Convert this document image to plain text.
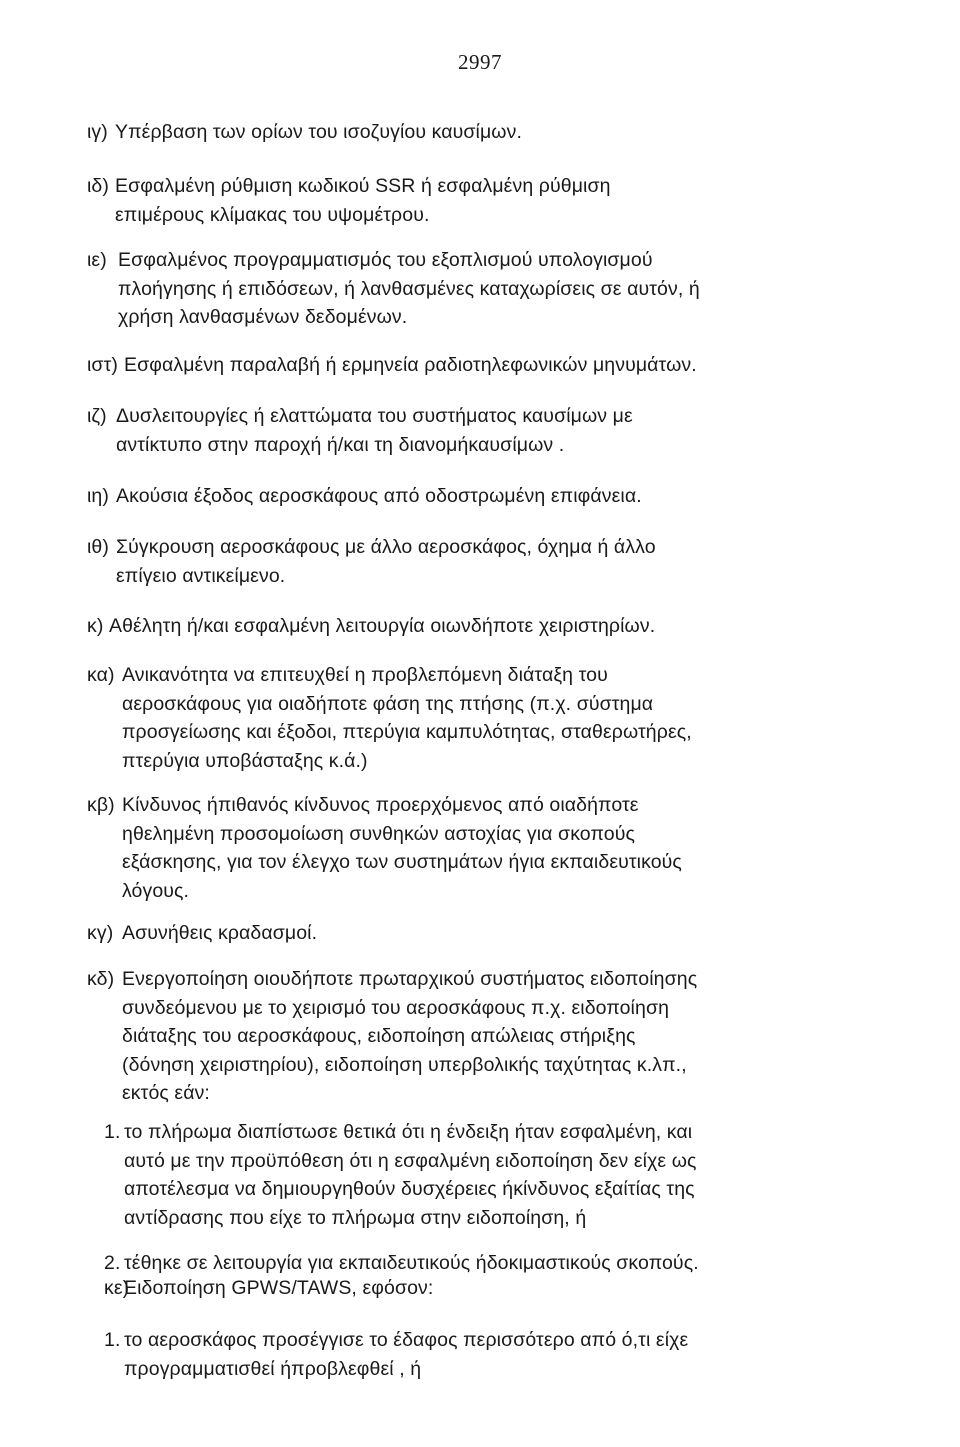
2997
ιγ) Υπέρβαση των ορίων του ισοζυγίου καυσίμων.
ιδ) Εσφαλμένη ρύθμιση κωδικού SSR ή εσφαλμένη ρύθμιση
επιμέρους κλίμακας του υψομέτρου.
ιε) Εσφαλμένος προγραμματισμός του εξοπλισμού υπολογισμού
πλοήγησης ή επιδόσεων, ή λανθασμένες καταχωρίσεις σε αυτόν, ή
χρήση λανθασμένων δεδομένων.
ιστ) Εσφαλμένη παραλαβή ή ερμηνεία ραδιοτηλεφωνικών μηνυμάτων.
ιζ) Δυσλειτουργίες ή ελαττώματα του συστήματος καυσίμων με
αντίκτυπο στην παροχή ή/και τη διανομήκαυσίμων .
ιη) Ακούσια έξοδος αεροσκάφους από οδοστρωμένη επιφάνεια.
ιθ) Σύγκρουση αεροσκάφους με άλλο αεροσκάφος, όχημα ή άλλο
επίγειο αντικείμενο.
κ) Αθέλητη ή/και εσφαλμένη λειτουργία οιωνδήποτε χειριστηρίων.
κα) Ανικανότητα να επιτευχθεί η προβλεπόμενη διάταξη του
αεροσκάφους για οιαδήποτε φάση της πτήσης (π.χ. σύστημα
προσγείωσης και έξοδοι, πτερύγια καμπυλότητας, σταθερωτήρες,
πτερύγια υποβάσταξης κ.ά.)
κβ) Κίνδυνος ήπιθανός κίνδυνος προερχόμενος από οιαδήποτε
ηθελημένη προσομοίωση συνθηκών αστοχίας για σκοπούς
εξάσκησης, για τον έλεγχο των συστημάτων ήγια εκπαιδευτικούς
λόγους.
κγ) Ασυνήθεις κραδασμοί.
κδ) Ενεργοποίηση οιουδήποτε πρωταρχικού συστήματος ειδοποίησης
συνδεόμενου με το χειρισμό του αεροσκάφους π.χ. ειδοποίηση
διάταξης του αεροσκάφους, ειδοποίηση απώλειας στήριξης
(δόνηση χειριστηρίου), ειδοποίηση υπερβολικής ταχύτητας κ.λπ.,
εκτός εάν:
1. το πλήρωμα διαπίστωσε θετικά ότι η ένδειξη ήταν εσφαλμένη, και
αυτό με την προϋπόθεση ότι η εσφαλμένη ειδοποίηση δεν είχε ως
αποτέλεσμα να δημιουργηθούν δυσχέρειες ήκίνδυνος εξαίτίας της
αντίδρασης που είχε το πλήρωμα στην ειδοποίηση, ή
2. τέθηκε σε λειτουργία για εκπαιδευτικούς ήδοκιμαστικούς σκοπούς.
κε)
Ειδοποίηση GPWS/TAWS, εφόσον:
1. το αεροσκάφος προσέγγισε το έδαφος περισσότερο από ό,τι είχε
προγραμματισθεί ήπροβλεφθεί , ή
